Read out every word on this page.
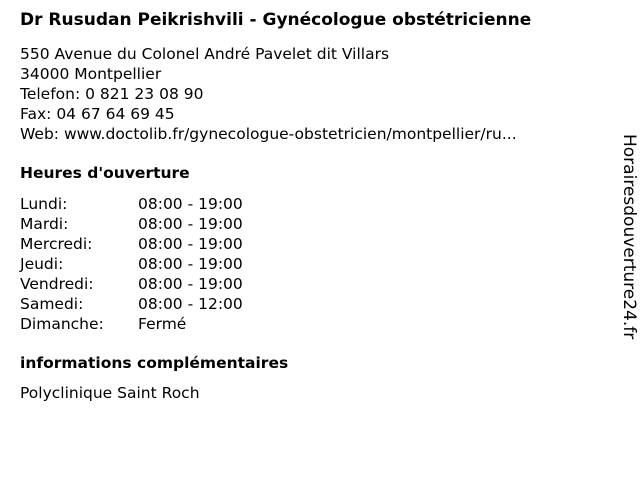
Dr Rusudan Peikrishvili - Gynécologue obstétricienne
550 Avenue du Colonel André Pavelet dit Villars
34000 Montpellier
Telefon: 0 821 23 08 90
Fax: 04 67 64 69 45
Web: www.doctolib.fr/gynecologue-obstetricien/montpellier/ru...
Heures d'ouverture
Lundi:	08:00 - 19:00
Mardi:	08:00 - 19:00
Mercredi:	08:00 - 19:00
Jeudi:	08:00 - 19:00
Vendredi:	08:00 - 19:00
Samedi:	08:00 - 12:00
Dimanche:	Fermé
informations complémentaires
Polyclinique Saint Roch
Horairesdouverture24.fr
